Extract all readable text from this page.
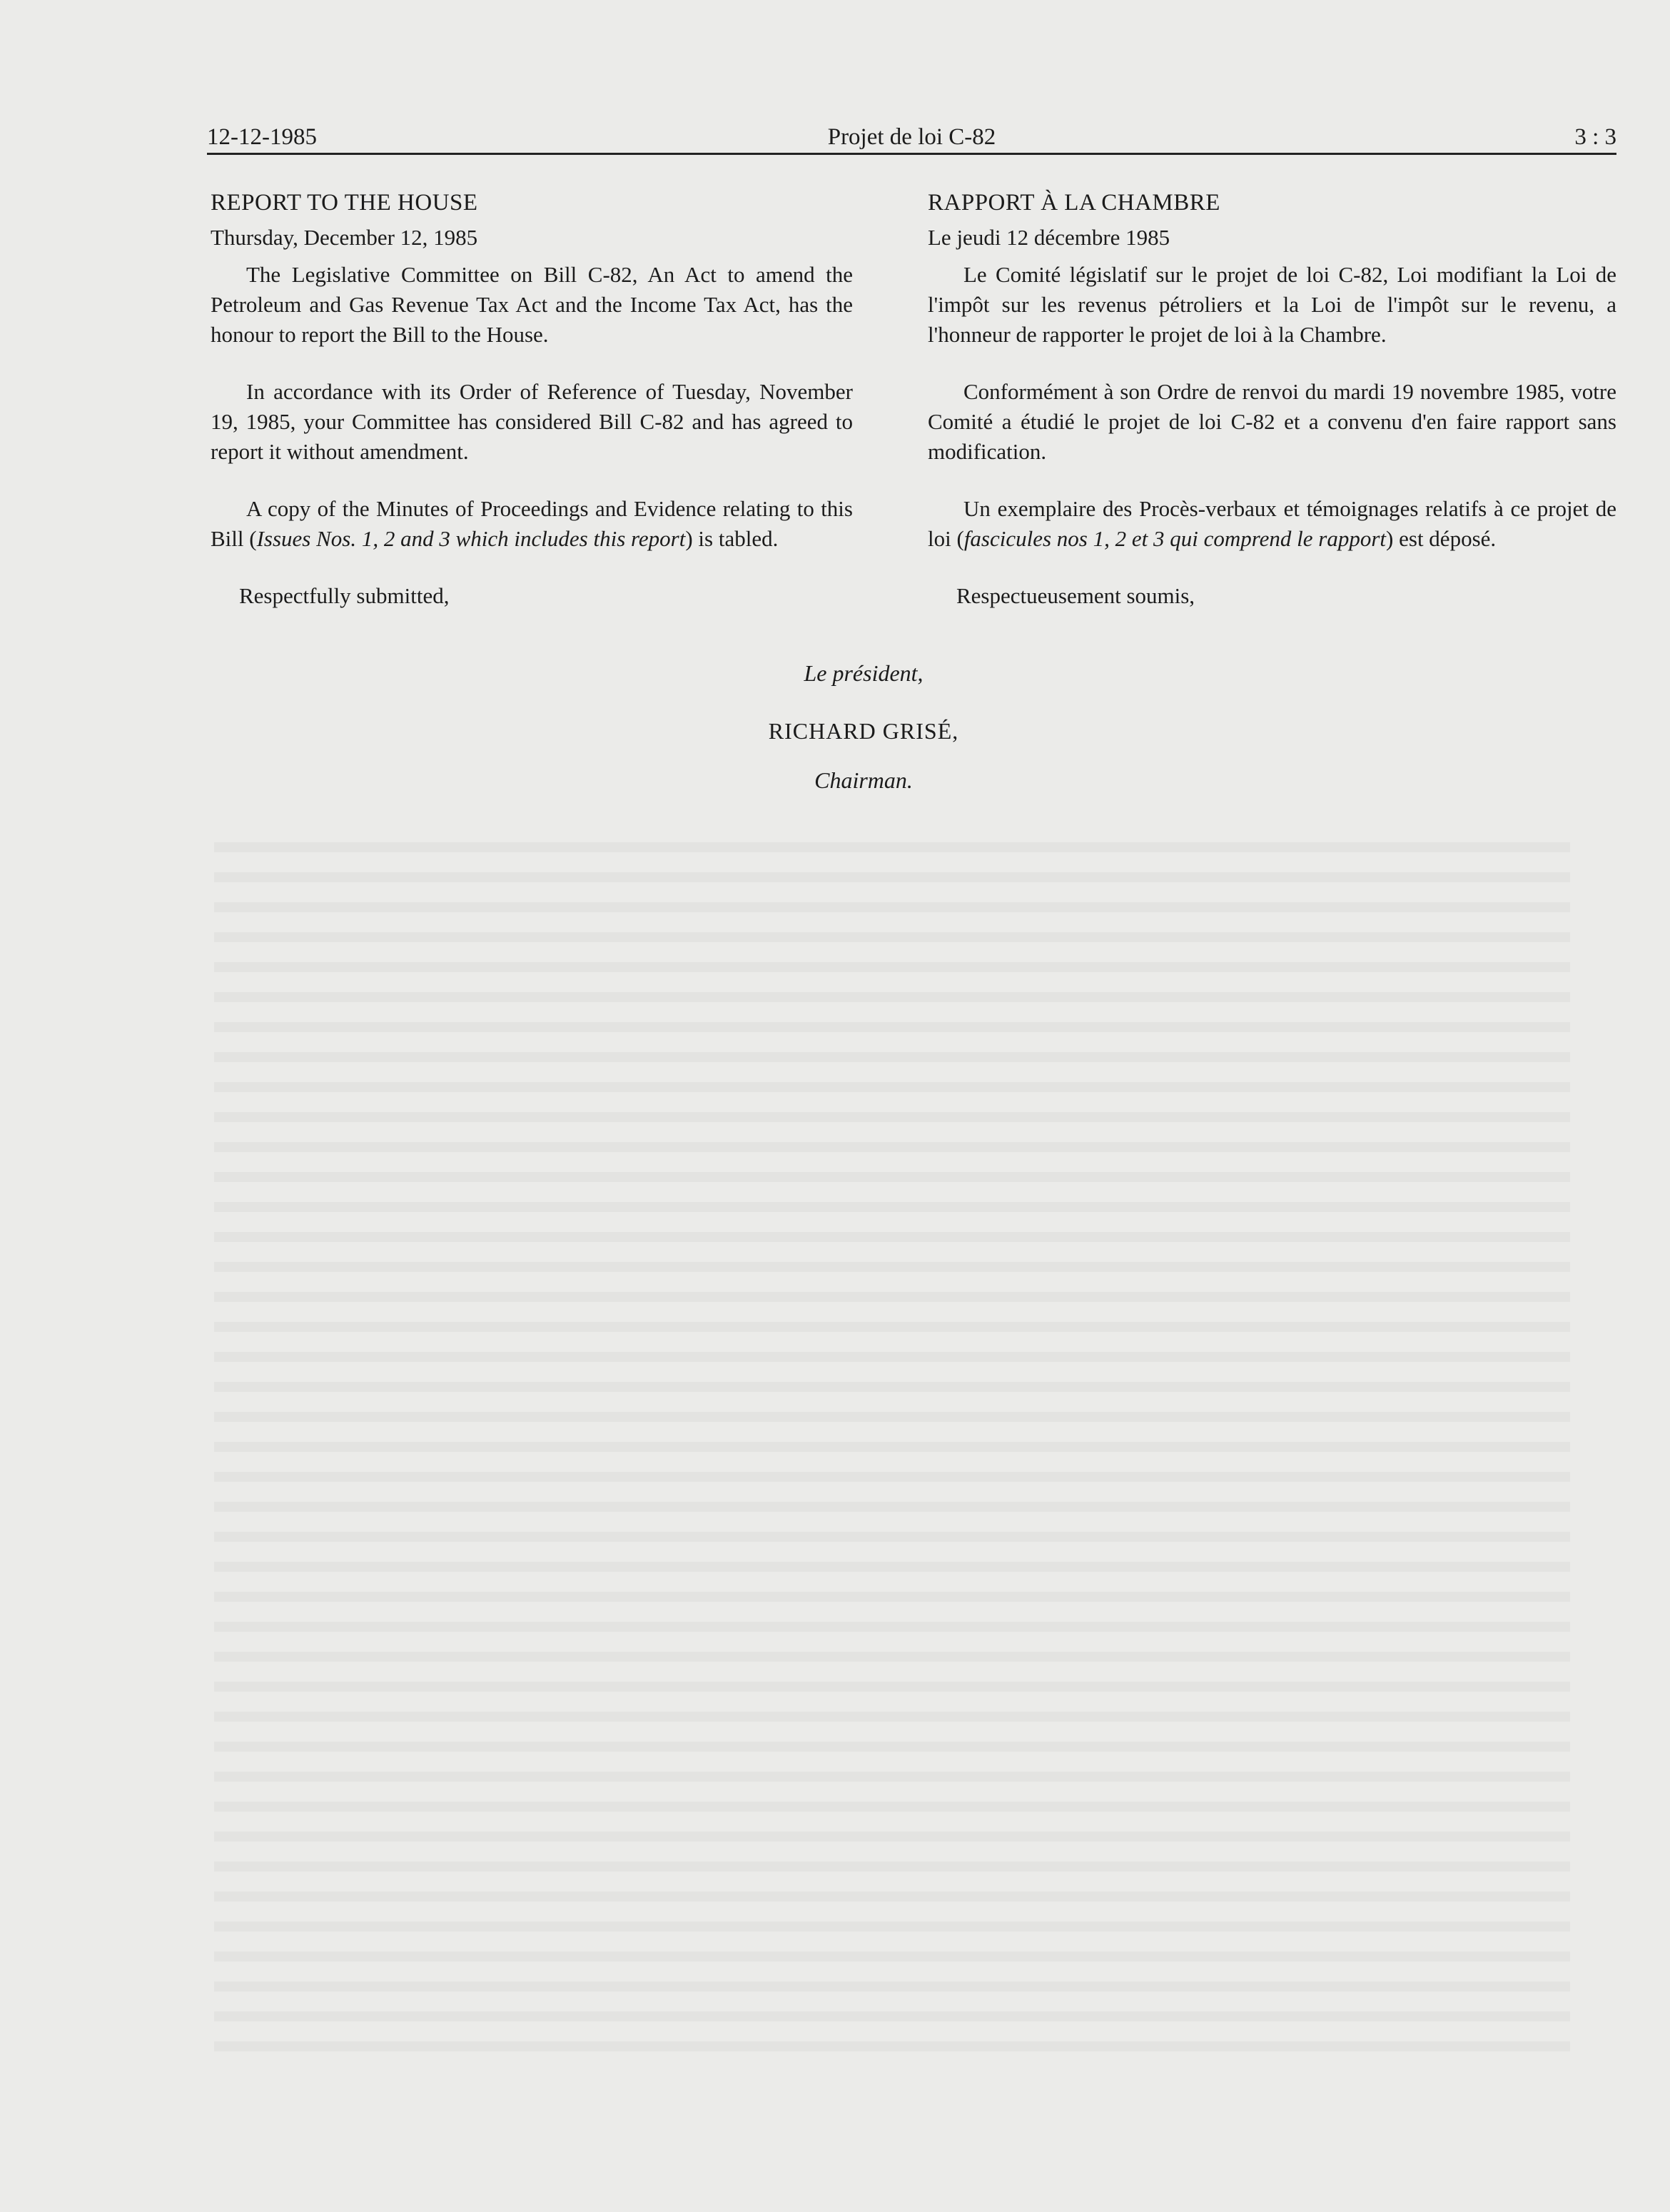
12-12-1985	Projet de loi C-82	3 : 3
REPORT TO THE HOUSE
Thursday, December 12, 1985

The Legislative Committee on Bill C-82, An Act to amend the Petroleum and Gas Revenue Tax Act and the Income Tax Act, has the honour to report the Bill to the House.

In accordance with its Order of Reference of Tuesday, November 19, 1985, your Committee has considered Bill C-82 and has agreed to report it without amendment.

A copy of the Minutes of Proceedings and Evidence relating to this Bill (Issues Nos. 1, 2 and 3 which includes this report) is tabled.

Respectfully submitted,

RAPPORT À LA CHAMBRE
Le jeudi 12 décembre 1985

Le Comité législatif sur le projet de loi C-82, Loi modifiant la Loi de l'impôt sur les revenus pétroliers et la Loi de l'impôt sur le revenu, a l'honneur de rapporter le projet de loi à la Chambre.

Conformément à son Ordre de renvoi du mardi 19 novembre 1985, votre Comité a étudié le projet de loi C-82 et a convenu d'en faire rapport sans modification.

Un exemplaire des Procès-verbaux et témoignages relatifs à ce projet de loi (fascicules nos 1, 2 et 3 qui comprend le rapport) est déposé.

Respectueusement soumis,

Le président,
RICHARD GRISÉ,
Chairman.
